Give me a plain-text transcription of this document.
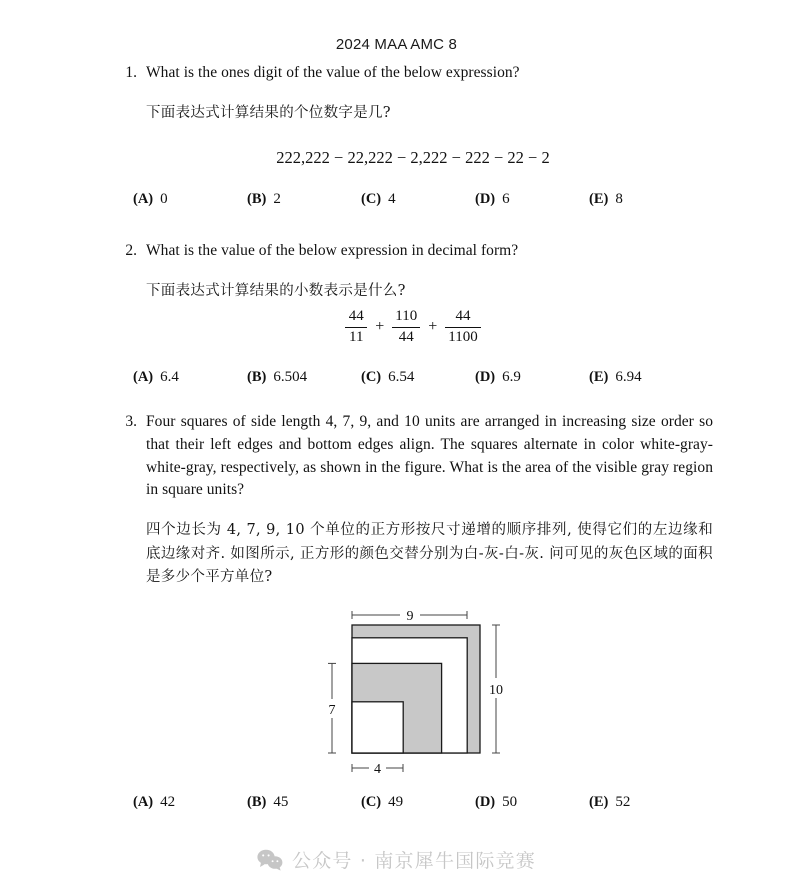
2024 MAA AMC 8
1. What is the ones digit of the value of the below expression?
下面表达式计算结果的个位数字是几?
222,222 − 22,222 − 2,222 − 222 − 22 − 2
(A) 0	(B) 2	(C) 4	(D) 6	(E) 8
2. What is the value of the below expression in decimal form?
下面表达式计算结果的小数表示是什么?
$\frac{44}{11} + \frac{110}{44} + \frac{44}{1100}$
(A) 6.4	(B) 6.504	(C) 6.54	(D) 6.9	(E) 6.94
3. Four squares of side length 4, 7, 9, and 10 units are arranged in increasing size order so that their left edges and bottom edges align. The squares alternate in color white-gray-white-gray, respectively, as shown in the figure. What is the area of the visible gray region in square units?
四个边长为 4, 7, 9, 10 个单位的正方形按尺寸递增的顺序排列, 使得它们的左边缘和底边缘对齐. 如图所示, 正方形的颜色交替分别为白-灰-白-灰. 问可见的灰色区域的面积是多少个平方单位?
9
10
7
4
(A) 42	(B) 45	(C) 49	(D) 50	(E) 52
公众号 · 南京犀牛国际竞赛
